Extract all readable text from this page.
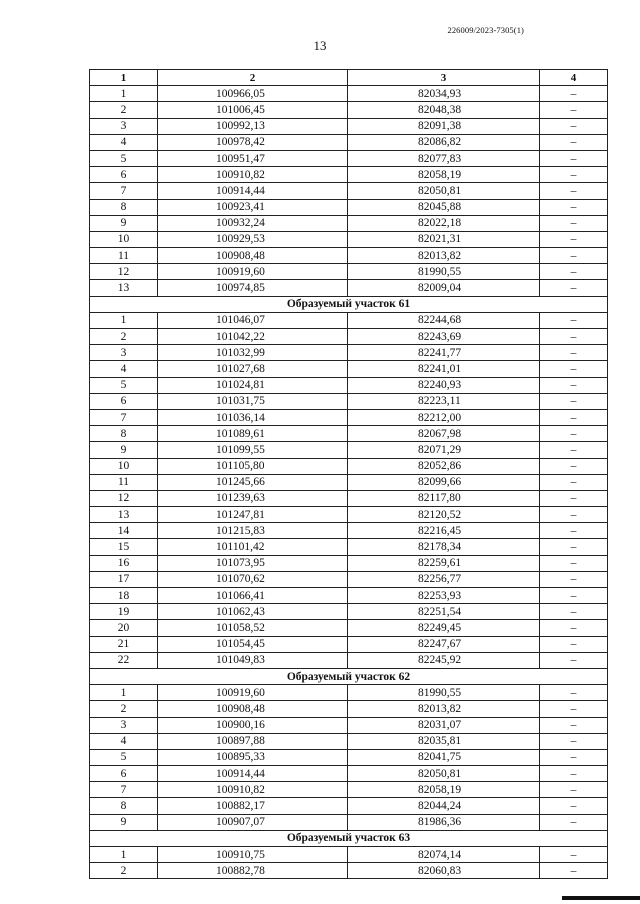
226009/2023-7305(1)
13
1	2	3	4
1	100966,05	82034,93	–
2	101006,45	82048,38	–
3	100992,13	82091,38	–
4	100978,42	82086,82	–
5	100951,47	82077,83	–
6	100910,82	82058,19	–
7	100914,44	82050,81	–
8	100923,41	82045,88	–
9	100932,24	82022,18	–
10	100929,53	82021,31	–
11	100908,48	82013,82	–
12	100919,60	81990,55	–
13	100974,85	82009,04	–
Образуемый участок 61			
1	101046,07	82244,68	–
2	101042,22	82243,69	–
3	101032,99	82241,77	–
4	101027,68	82241,01	–
5	101024,81	82240,93	–
6	101031,75	82223,11	–
7	101036,14	82212,00	–
8	101089,61	82067,98	–
9	101099,55	82071,29	–
10	101105,80	82052,86	–
11	101245,66	82099,66	–
12	101239,63	82117,80	–
13	101247,81	82120,52	–
14	101215,83	82216,45	–
15	101101,42	82178,34	–
16	101073,95	82259,61	–
17	101070,62	82256,77	–
18	101066,41	82253,93	–
19	101062,43	82251,54	–
20	101058,52	82249,45	–
21	101054,45	82247,67	–
22	101049,83	82245,92	–
Образуемый участок 62			
1	100919,60	81990,55	–
2	100908,48	82013,82	–
3	100900,16	82031,07	–
4	100897,88	82035,81	–
5	100895,33	82041,75	–
6	100914,44	82050,81	–
7	100910,82	82058,19	–
8	100882,17	82044,24	–
9	100907,07	81986,36	–
Образуемый участок 63			
1	100910,75	82074,14	–
2	100882,78	82060,83	–
